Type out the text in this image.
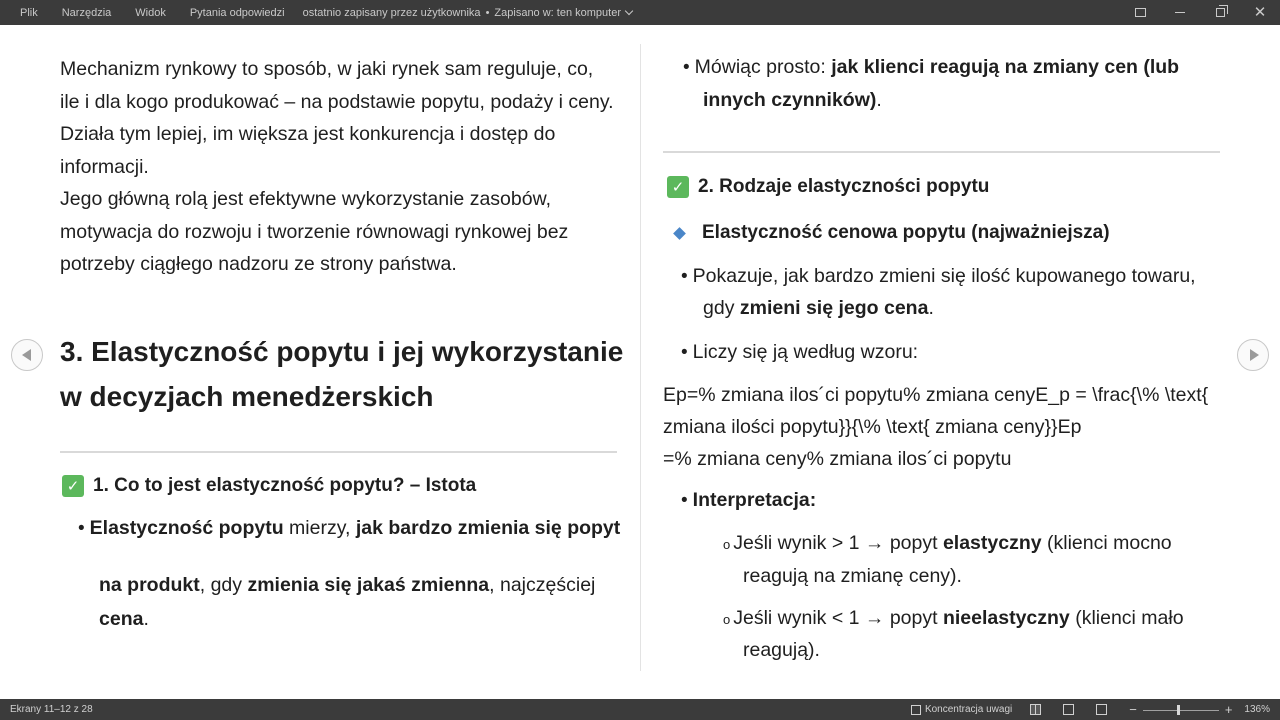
Plik Narzędzia Widok Pytania odpowiedzi ostatnio zapisany przez użytkownika • Zapisano w: ten komputer	✕
Mechanizm rynkowy to sposób, w jaki rynek sam reguluje, co,
ile i dla kogo produkować – na podstawie popytu, podaży i ceny.
Działa tym lepiej, im większa jest konkurencja i dostęp do
informacji.
Jego główną rolą jest efektywne wykorzystanie zasobów,
motywacja do rozwoju i tworzenie równowagi rynkowej bez
potrzeby ciągłego nadzoru ze strony państwa.
3. Elastyczność popytu i jej wykorzystanie
w decyzjach menedżerskich
✓ 1. Co to jest elastyczność popytu? – Istota
• Elastyczność popytu mierzy, jak bardzo zmienia się popyt
na produkt, gdy zmienia się jakaś zmienna, najczęściej
cena.
• Mówiąc prosto: jak klienci reagują na zmiany cen (lub
innych czynników).
✓ 2. Rodzaje elastyczności popytu
Elastyczność cenowa popytu (najważniejsza)
• Pokazuje, jak bardzo zmieni się ilość kupowanego towaru,
gdy zmieni się jego cena.
• Liczy się ją według wzoru:
Ep=% zmiana ilos´ci popytu% zmiana cenyE_p = \frac{\% \text{
zmiana ilości popytu}}{\% \text{ zmiana ceny}}Ep
=% zmiana ceny% zmiana ilos´ci popytu
• Interpretacja:
o Jeśli wynik > 1 → popyt elastyczny (klienci mocno
reagują na zmianę ceny).
o Jeśli wynik < 1 → popyt nieelastyczny (klienci mało
reagują).
Ekrany 11–12 z 28	Koncentracja uwagi	−	+ 136%
